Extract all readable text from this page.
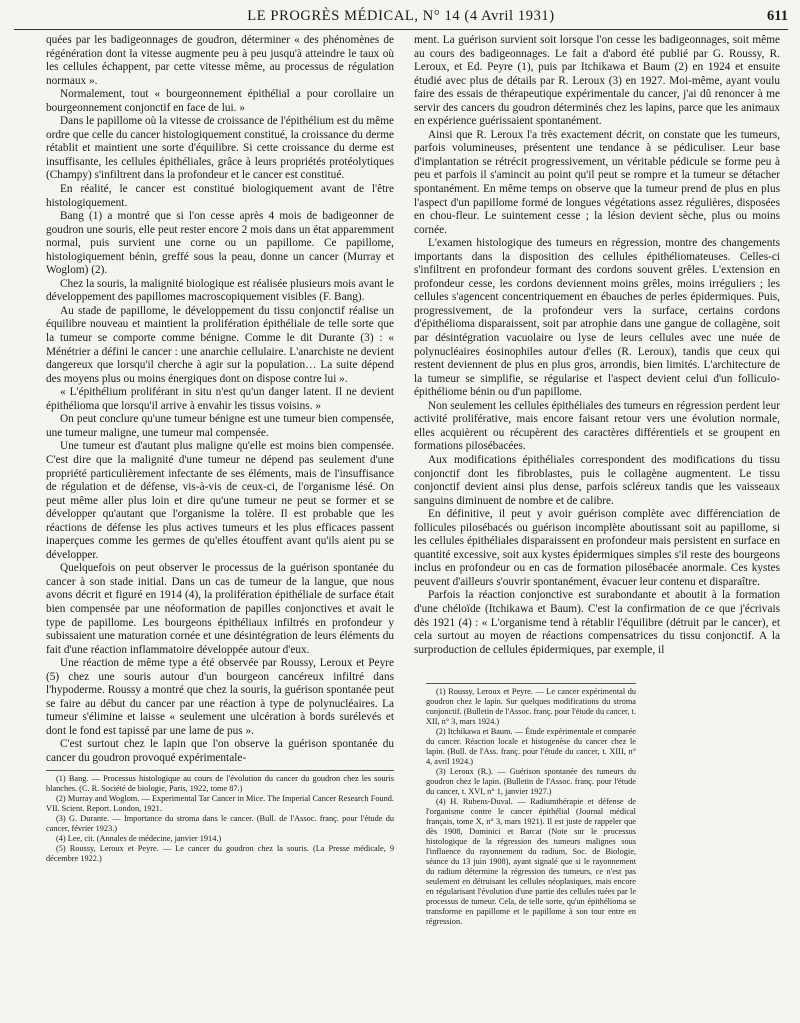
LE PROGRÈS MÉDICAL, N° 14 (4 Avril 1931)	611

quées par les badigeonnages de goudron, déterminer « des phénomènes de régénération dont la vitesse augmente peu à peu jusqu'à atteindre le taux où les cellules échappent, par cette vitesse même, au processus de régulation normaux ».

Normalement, tout « bourgeonnement épithélial a pour corollaire un bourgeonnement conjonctif en face de lui. »

Dans le papillome où la vitesse de croissance de l'épithélium est du même ordre que celle du cancer histologiquement constitué, la croissance du derme rétablit et maintient une sorte d'équilibre. Si cette croissance du derme est insuffisante, les cellules épithéliales, grâce à leurs propriétés protéolytiques (Champy) s'infiltrent dans la profondeur et le cancer est constitué.

En réalité, le cancer est constitué biologiquement avant de l'être histologiquement.

Bang (1) a montré que si l'on cesse après 4 mois de badigeonner de goudron une souris, elle peut rester encore 2 mois dans un état apparemment normal, puis survient une corne ou un papillome. Ce papillome, histologiquement bénin, greffé sous la peau, donne un cancer (Murray et Woglom) (2).

Chez la souris, la malignité biologique est réalisée plusieurs mois avant le développement des papillomes macroscopiquement visibles (F. Bang).

Au stade de papillome, le développement du tissu conjonctif réalise un équilibre nouveau et maintient la prolifération épithéliale de telle sorte que la tumeur se comporte comme bénigne. Comme le dit Durante (3) : « Ménétrier a défini le cancer : une anarchie cellulaire. L'anarchiste ne devient dangereux que lorsqu'il cherche à agir sur la population… La suite dépend des moyens plus ou moins énergiques dont on dispose contre lui ».

« L'épithélium proliférant in situ n'est qu'un danger latent. Il ne devient épithélioma que lorsqu'il arrive à envahir les tissus voisins. »

On peut conclure qu'une tumeur bénigne est une tumeur bien compensée, une tumeur maligne, une tumeur mal compensée.

Une tumeur est d'autant plus maligne qu'elle est moins bien compensée. C'est dire que la malignité d'une tumeur ne dépend pas seulement d'une propriété particulièrement infectante de ses éléments, mais de l'insuffisance de régulation et de défense, vis-à-vis de ceux-ci, de l'organisme lésé. On peut même aller plus loin et dire qu'une tumeur ne peut se former et se développer qu'autant que l'organisme la tolère. Il est probable que les réactions de défense les plus actives tumeurs et les plus efficaces passent inaperçues comme les germes de qu'elles étouffent avant qu'ils aient pu se développer.

Quelquefois on peut observer le processus de la guérison spontanée du cancer à son stade initial. Dans un cas de tumeur de la langue, que nous avons décrit et figuré en 1914 (4), la prolifération épithéliale de surface était bien compensée par une néoformation de papilles conjonctives et avait le type de papillome. Les bourgeons épithéliaux infiltrés en profondeur y subissaient une maturation cornée et une désintégration de leurs éléments du fait d'une réaction inflammatoire développée autour d'eux.

Une réaction de même type a été observée par Roussy, Leroux et Peyre (5) chez une souris autour d'un bourgeon cancéreux infiltré dans l'hypoderme. Roussy a montré que chez la souris, la guérison spontanée peut se faire au début du cancer par une réaction à type de polynucléaires. La tumeur s'élimine et laisse « seulement une ulcération à bords surélevés et dont le fond est tapissé par une lame de pus ».

C'est surtout chez le lapin que l'on observe la guérison spontanée du cancer du goudron provoqué expérimentale-

(1) Bang. — Processus histologique au cours de l'évolution du cancer du goudron chez les souris blanches. (C. R. Société de biologie, Paris, 1922, tome 87.)

(2) Murray and Woglom. — Experimental Tar Cancer in Mice. The Imperial Cancer Research Found. VII. Scient. Report. London, 1921.

(3) G. Durante. — Importance du stroma dans le cancer. (Bull. de l'Assoc. franç. pour l'étude du cancer, février 1923.)

(4) Lee, cit. (Annales de médecine, janvier 1914.)

(5) Roussy, Leroux et Peyre. — Le cancer du goudron chez la souris. (La Presse médicale, 9 décembre 1922.)

ment. La guérison survient soit lorsque l'on cesse les badigeonnages, soit même au cours des badigeonnages. Le fait a d'abord été publié par G. Roussy, R. Leroux, et Ed. Peyre (1), puis par Itchikawa et Baum (2) en 1924 et ensuite étudié avec plus de détails par R. Leroux (3) en 1927. Moi-même, ayant voulu faire des essais de thérapeutique expérimentale du cancer, j'ai dû renoncer à me servir des cancers du goudron déterminés chez les lapins, parce que les animaux en expérience guérissaient spontanément.

Ainsi que R. Leroux l'a très exactement décrit, on constate que les tumeurs, parfois volumineuses, présentent une tendance à se pédiculiser. Leur base d'implantation se rétrécit progressivement, un véritable pédicule se forme peu à peu et parfois il s'amincit au point qu'il peut se rompre et la tumeur se détacher spontanément. En même temps on observe que la tumeur prend de plus en plus l'aspect d'un papillome formé de longues végétations assez régulières, disposées en chou-fleur. Le suintement cesse ; la lésion devient sèche, plus ou moins cornée.

L'examen histologique des tumeurs en régression, montre des changements importants dans la disposition des cellules épithéliomateuses. Celles-ci s'infiltrent en profondeur formant des cordons souvent grêles. L'extension en profondeur cesse, les cordons deviennent moins grêles, moins irréguliers ; les cellules s'agencent concentriquement en ébauches de perles épidermiques. Puis, progressivement, de la profondeur vers la surface, certains cordons d'épithélioma disparaissent, soit par atrophie dans une gangue de collagène, soit par désintégration vacuolaire ou lyse de leurs cellules avec une nuée de polynucléaires éosinophiles autour d'elles (R. Leroux), tandis que ceux qui restent deviennent de plus en plus gros, arrondis, bien limités. L'architecture de la tumeur se simplifie, se régularise et l'aspect devient celui d'un folliculo-épithéliome bénin ou d'un papillome.

Non seulement les cellules épithéliales des tumeurs en régression perdent leur activité proliférative, mais encore faisant retour vers une évolution normale, elles acquièrent ou récupèrent des caractères différentiels et se groupent en formations pilosébacées.

Aux modifications épithéliales correspondent des modifications du tissu conjonctif dont les fibroblastes, puis le collagène augmentent. Le tissu conjonctif devient ainsi plus dense, parfois scléreux tandis que les vaisseaux sanguins diminuent de nombre et de calibre.

En définitive, il peut y avoir guérison complète avec différenciation de follicules pilosébacés ou guérison incomplète aboutissant soit au papillome, si les cellules épithéliales disparaissent en profondeur mais persistent en surface en quantité excessive, soit aux kystes épidermiques simples s'il reste des bourgeons inclus en profondeur ou en cas de formation pilosébacée anormale. Ces kystes peuvent d'ailleurs s'ouvrir spontanément, évacuer leur contenu et disparaître.

Parfois la réaction conjonctive est surabondante et aboutit à la formation d'une chéloïde (Itchikawa et Baum). C'est la confirmation de ce que j'écrivais dès 1921 (4) : « L'organisme tend à rétablir l'équilibre (détruit par le cancer), et cela surtout au moyen de réactions compensatrices du tissu conjonctif. A la surproduction de cellules épidermiques, par exemple, il

(1) Roussy, Leroux et Peyre. — Le cancer expérimental du goudron chez le lapin. Sur quelques modifications du stroma conjonctif. (Bulletin de l'Assoc. franç. pour l'étude du cancer, t. XII, n° 3, mars 1924.)

(2) Itchikawa et Baum. — Étude expérimentale et comparée du cancer. Réaction locale et histogenèse du cancer chez le lapin. (Bull. de l'Ass. franç. pour l'étude du cancer, t. XIII, n° 4, avril 1924.)

(3) Leroux (R.). — Guérison spontanée des tumeurs du goudron chez le lapin. (Bulletin de l'Assoc. franç. pour l'étude du cancer, t. XVI, n° 1, janvier 1927.)

(4) H. Rubens-Duval. — Radiumthérapie et défense de l'organisme contre le cancer épithélial (Journal médical français, tome X, n° 3, mars 1921). Il est juste de rappeler que dès 1908, Dominici et Barcat (Note sur le processus histologique de la régression des tumeurs malignes sous l'influence du rayonnement du radium, Soc. de Biologie, séance du 13 juin 1908), ayant signalé que si le rayonnement du radium détermine la régression des tumeurs, ce n'est pas seulement en détruisant les cellules néoplasiques, mais encore en régularisant l'évolution d'une partie des cellules tuées par le processus de tumeur. Cela, de telle sorte, qu'un épithélioma se transforme en papillome et le papillome à son tour entre en régression.
